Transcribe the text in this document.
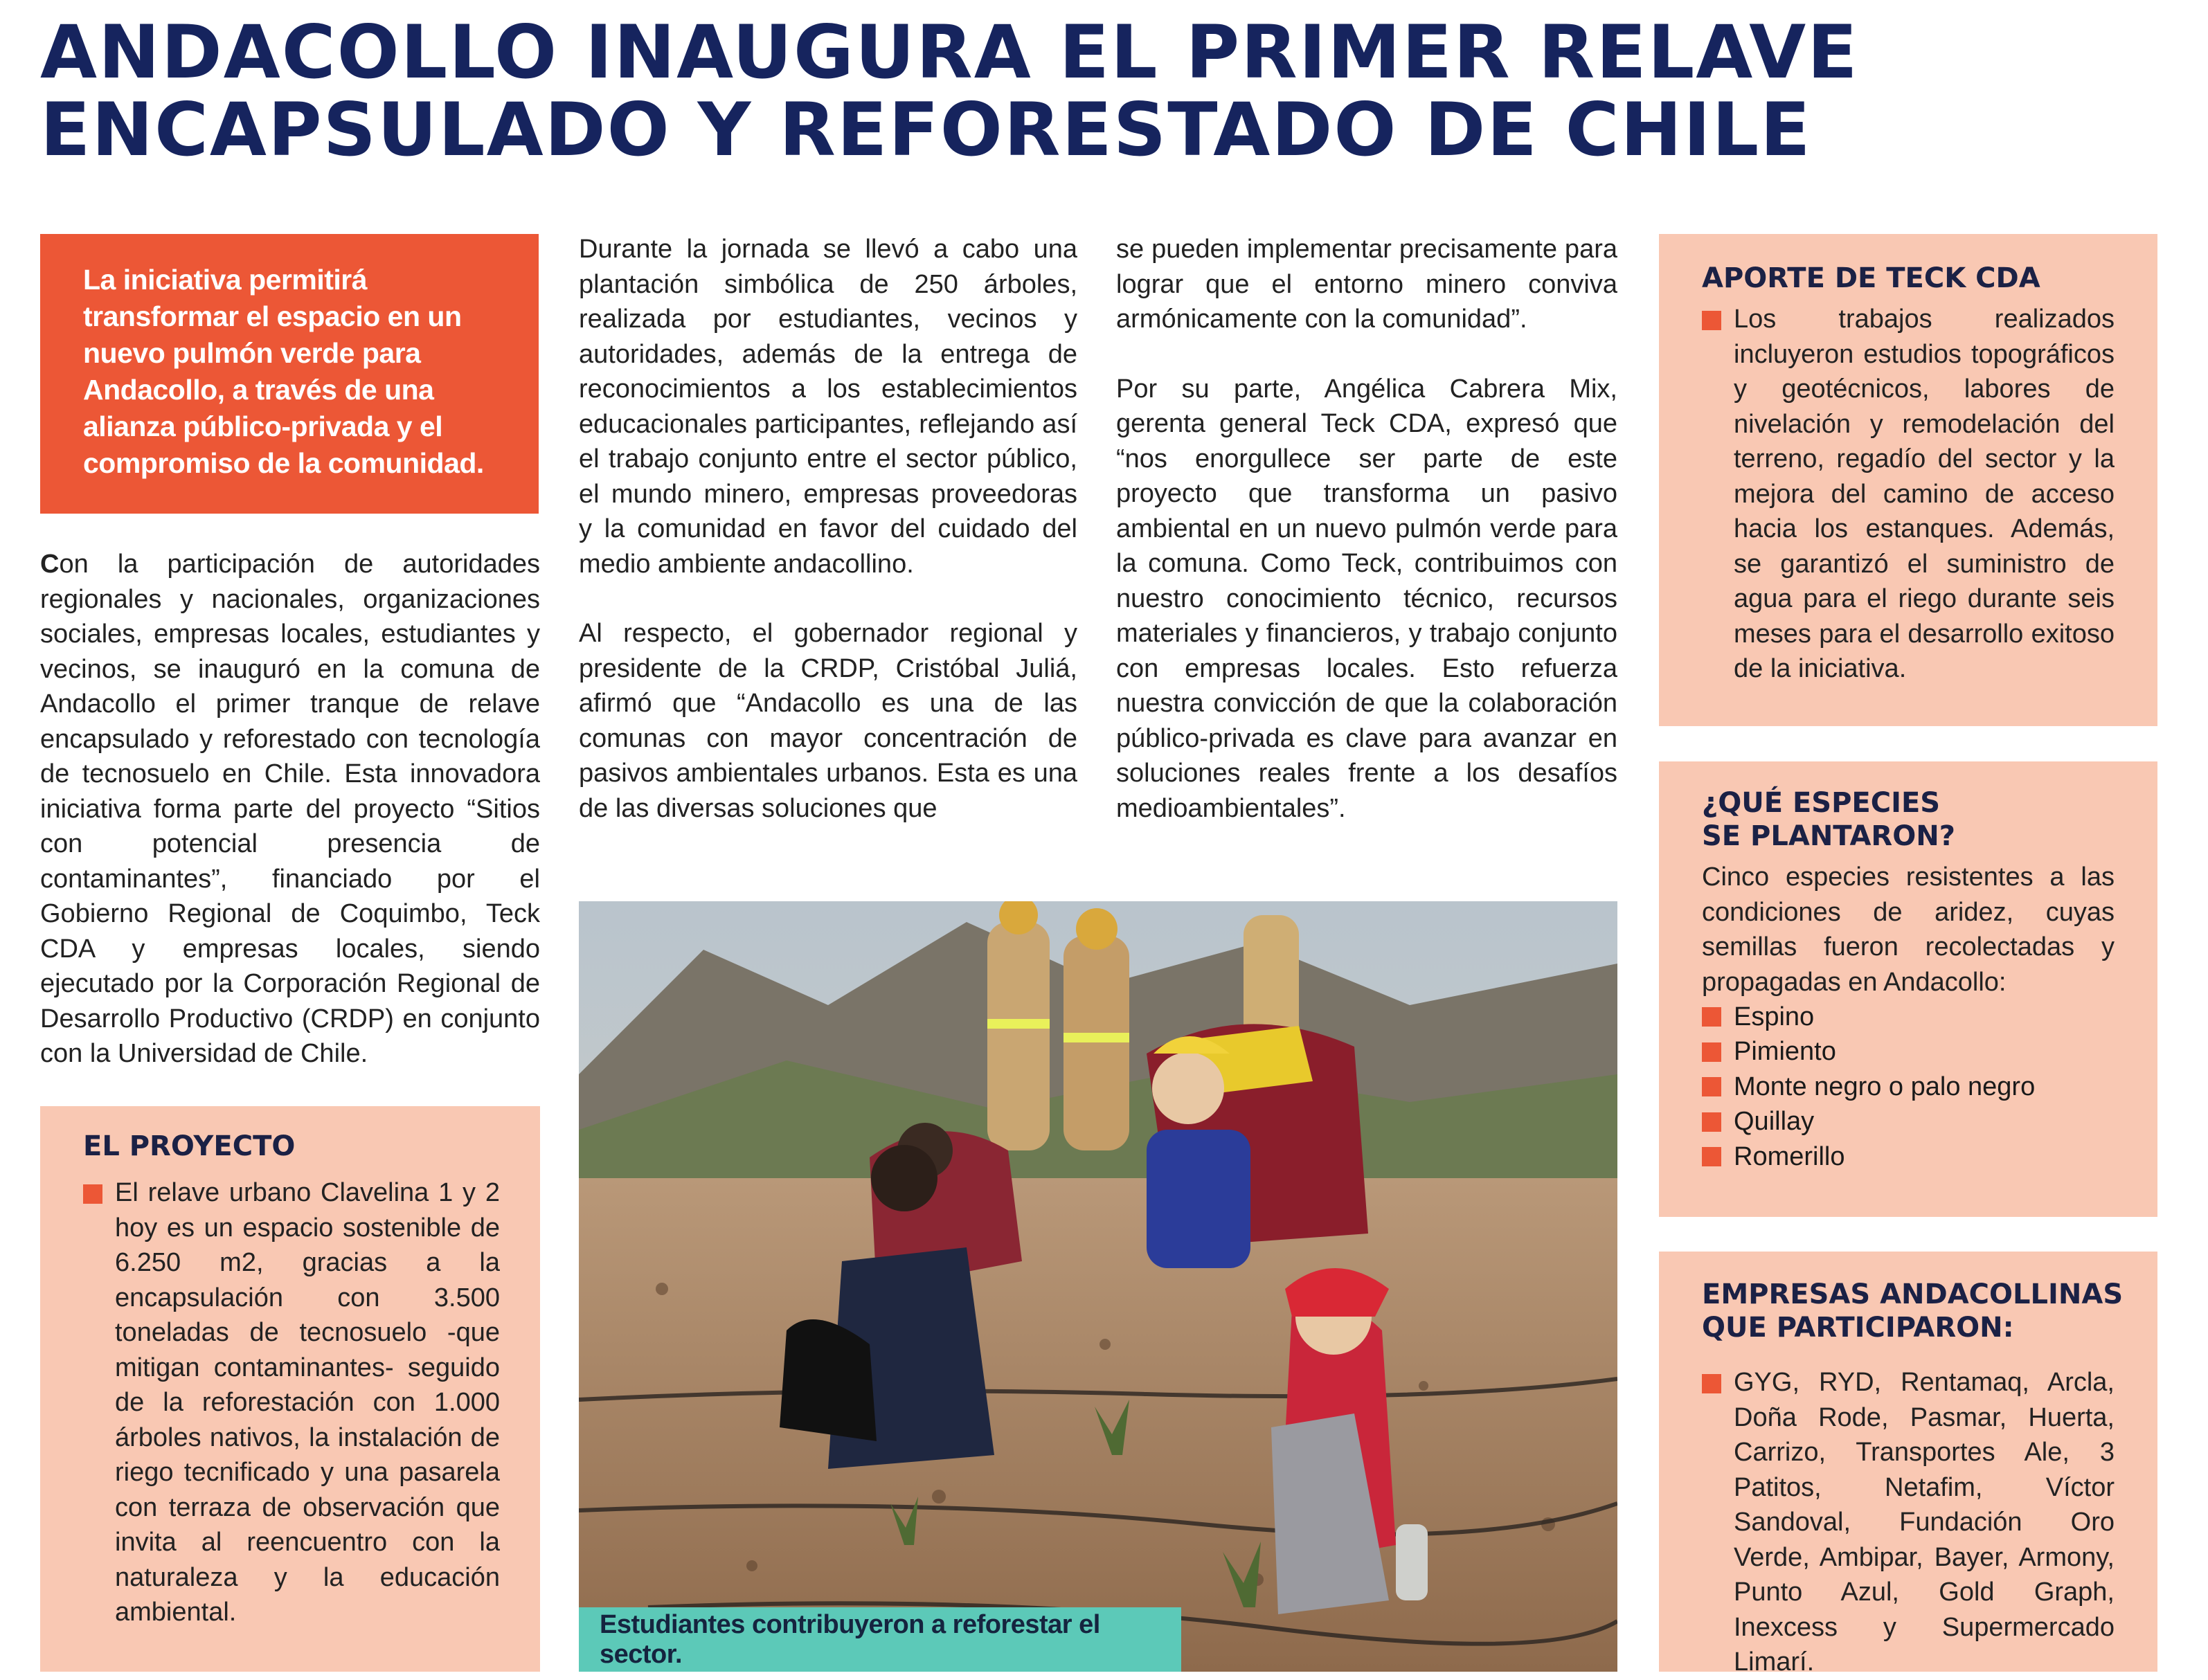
ANDACOLLO INAUGURA EL PRIMER RELAVE
ENCAPSULADO Y REFORESTADO DE CHILE

La iniciativa permitirá transformar el espacio en un nuevo pulmón verde para Andacollo, a través de una alianza público-privada y el compromiso de la comunidad.

Con la participación de autoridades regionales y nacionales, organizaciones sociales, empresas locales, estudiantes y vecinos, se inauguró en la comuna de Andacollo el primer tranque de relave encapsulado y reforestado con tecnología de tecnosuelo en Chile. Esta innovadora iniciativa forma parte del proyecto “Sitios con potencial presencia de contaminantes”, financiado por el Gobierno Regional de Coquimbo, Teck CDA y empresas locales, siendo ejecutado por la Corporación Regional de Desarrollo Productivo (CRDP) en conjunto con la Universidad de Chile.

EL PROYECTO

El relave urbano Clavelina 1 y 2 hoy es un espacio sostenible de 6.250 m2, gracias a la encapsulación con 3.500 toneladas de tecnosuelo -que mitigan contaminantes- seguido de la reforestación con 1.000 árboles nativos, la instalación de riego tecnificado y una pasarela con terraza de observación que invita al reencuentro con la naturaleza y la educación ambiental.

Durante la jornada se llevó a cabo una plantación simbólica de 250 árboles, realizada por estudiantes, vecinos y autoridades, además de la entrega de reconocimientos a los establecimientos educacionales participantes, reflejando así el trabajo conjunto entre el sector público, el mundo minero, empresas proveedoras y la comunidad en favor del cuidado del medio ambiente andacollino.

Al respecto, el gobernador regional y presidente de la CRDP, Cristóbal Juliá, afirmó que “Andacollo es una de las comunas con mayor concentración de pasivos ambientales urbanos. Esta es una de las diversas soluciones que

se pueden implementar precisamente para lograr que el entorno minero conviva armónicamente con la comunidad”.

Por su parte, Angélica Cabrera Mix, gerenta general Teck CDA, expresó que “nos enorgullece ser parte de este proyecto que transforma un pasivo ambiental en un nuevo pulmón verde para la comuna. Como Teck, contribuimos con nuestro conocimiento técnico, recursos materiales y financieros, y trabajo conjunto con empresas locales. Esto refuerza nuestra convicción de que la colaboración público-privada es clave para avanzar en soluciones reales frente a los desafíos medioambientales”.

Estudiantes contribuyeron a reforestar el sector.
APORTE DE TECK CDA

Los trabajos realizados incluyeron estudios topográficos y geotécnicos, labores de nivelación y remodelación del terreno, regadío del sector y la mejora del camino de acceso hacia los estanques. Además, se garantizó el suministro de agua para el riego durante seis meses para el desarrollo exitoso de la iniciativa.

¿QUÉ ESPECIES
SE PLANTARON?

Cinco especies resistentes a las condiciones de aridez, cuyas semillas fueron recolectadas y propagadas en Andacollo:

Espino
Pimiento
Monte negro o palo negro
Quillay
Romerillo
EMPRESAS ANDACOLLINAS
QUE PARTICIPARON:

GYG, RYD, Rentamaq, Arcla, Doña Rode, Pasmar, Huerta, Carrizo, Transportes Ale, 3 Patitos, Netafim, Víctor Sandoval, Fundación Oro Verde, Ambipar, Bayer, Armony, Punto Azul, Gold Graph, Inexcess y Supermercado Limarí.
